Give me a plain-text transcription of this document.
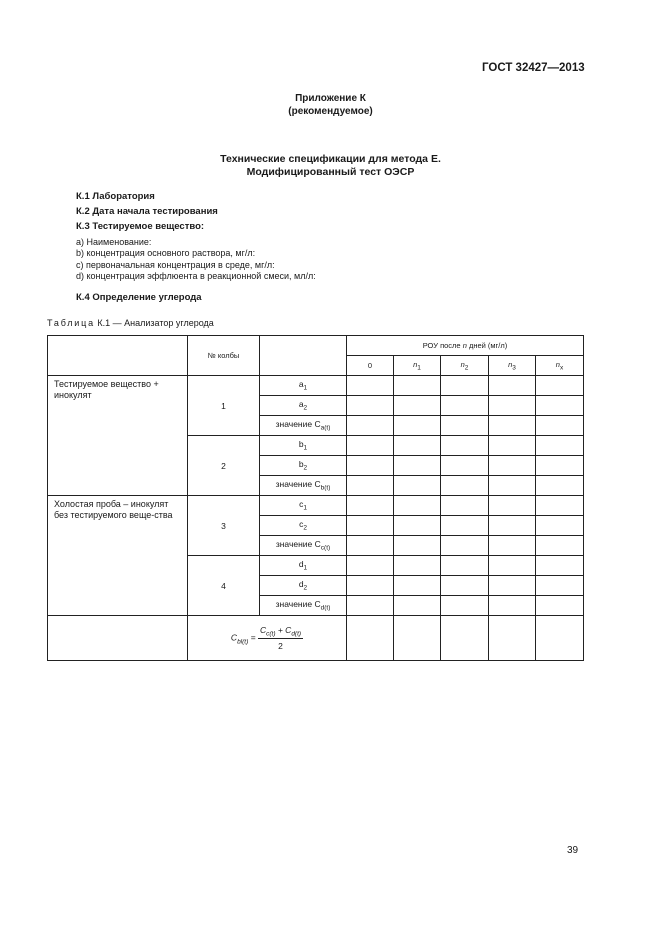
ГОСТ 32427—2013
Приложение К
(рекомендуемое)
Технические спецификации для метода Е.
Модифицированный тест ОЭСР
К.1 Лаборатория
К.2 Дата начала тестирования
К.3 Тестируемое вещество:
a) Наименование:
b) концентрация основного раствора, мг/л:
c) первоначальная концентрация в среде, мг/л:
d) концентрация эффлюента в реакционной смеси, мл/л:
К.4 Определение углерода
Таблица К.1 — Анализатор углерода
	№ колбы		РОУ после n дней (мг/л)				
			0	$n_1$	$n_2$	$n_3$	$n_x$
Тестируемое вещество + инокулят	1	$a_1$					
		$a_2$					
		значение $C_{a(t)}$					
	2	$b_1$					
		$b_2$					
		значение $C_{b(t)}$					
Холостая проба – инокулят без тестируемого веще-ства	3	$c_1$					
		$c_2$					
		значение $C_{c(t)}$					
	4	$d_1$					
		$d_2$					
		значение $C_{d(t)}$					
	$C_{bl(t)} = \frac{C_{c(t)} + C_{d(t)}}{2}$

39
